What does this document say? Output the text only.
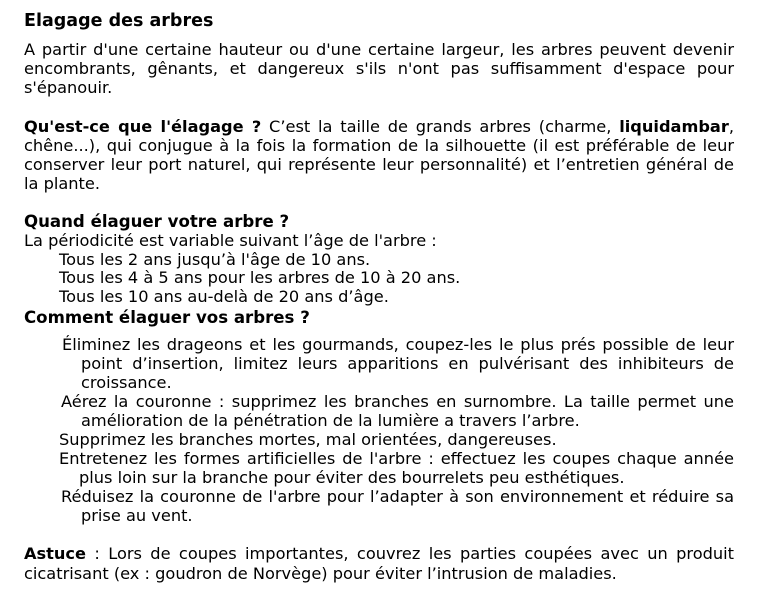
Elagage des arbres

A partir d'une certaine hauteur ou d'une certaine largeur, les arbres peuvent devenir encombrants, gênants, et dangereux s'ils n'ont pas suffisamment d'espace pour s'épanouir.

Qu'est-ce que l'élagage ? C’est la taille de grands arbres (charme, liquidambar, chêne...), qui conjugue à la fois la formation de la silhouette (il est préférable de leur conserver leur port naturel, qui représente leur personnalité) et l’entretien général de la plante.

Quand élaguer votre arbre ?
La périodicité est variable suivant l’âge de l'arbre :
Tous les 2 ans jusqu’à l'âge de 10 ans.
Tous les 4 à 5 ans pour les arbres de 10 à 20 ans.
Tous les 10 ans au-delà de 20 ans d’âge.
Comment élaguer vos arbres ?
Éliminez les drageons et les gourmands, coupez-les le plus prés possible de leur point d’insertion, limitez leurs apparitions en pulvérisant des inhibiteurs de croissance.
Aérez la couronne : supprimez les branches en surnombre. La taille permet une amélioration de la pénétration de la lumière a travers l’arbre.
Supprimez les branches mortes, mal orientées, dangereuses.
Entretenez les formes artificielles de l'arbre : effectuez les coupes chaque année plus loin sur la branche pour éviter des bourrelets peu esthétiques.
Réduisez la couronne de l'arbre pour l’adapter à son environnement et réduire sa prise au vent.

Astuce : Lors de coupes importantes, couvrez les parties coupées avec un produit cicatrisant (ex : goudron de Norvège) pour éviter l’intrusion de maladies.
